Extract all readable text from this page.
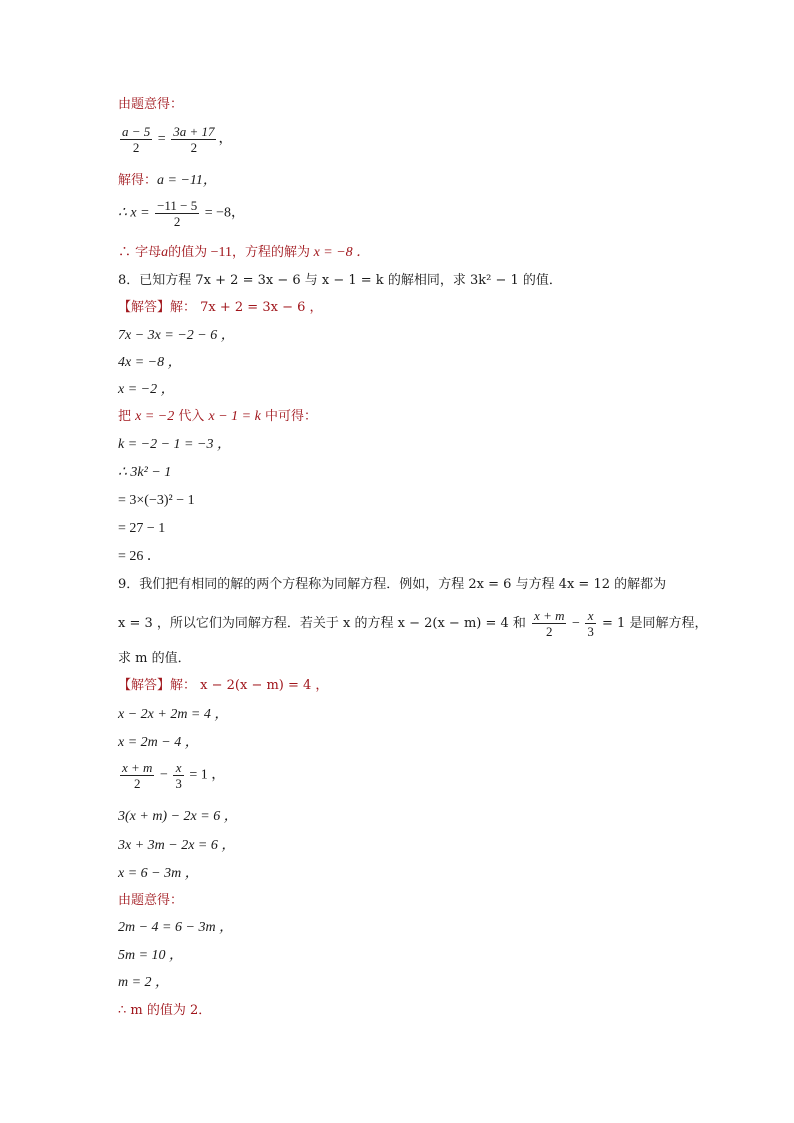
由题意得：
$\frac{a - 5}{2} = \frac{3a + 17}{2}$ ，
解得：a = −11，
∴ $x = \frac{-11 - 5}{2} = -8$，
∴ 字母a的值为 −11，方程的解为 x = −8 ．
8．已知方程 7x + 2 = 3x − 6 与 x − 1 = k 的解相同，求 3k² − 1 的值．
【解答】解： 7x + 2 = 3x − 6 ，
7x − 3x = −2 − 6 ，
4x = −8 ，
x = −2 ，
把 x = −2 代入 x − 1 = k 中可得：
k = −2 − 1 = −3 ，
∴ 3k² − 1
= 3×(−3)² − 1
= 27 − 1
= 26 ．
9．我们把有相同的解的两个方程称为同解方程．例如，方程 2x = 6 与方程 4x = 12 的解都为
x = 3 ，所以它们为同解方程．若关于 x 的方程 x − 2(x − m) = 4 和 $\frac{x + m}{2} - \frac{x}{3} = 1$ 是同解方程，
求 m 的值．
【解答】解： x − 2(x − m) = 4 ，
x − 2x + 2m = 4 ，
x = 2m − 4 ，
$\frac{x + m}{2} - \frac{x}{3} = 1$ ，
3(x + m) − 2x = 6 ，
3x + 3m − 2x = 6 ，
x = 6 − 3m ，
由题意得：
2m − 4 = 6 − 3m ，
5m = 10 ，
m = 2 ，
∴ m 的值为 2．
